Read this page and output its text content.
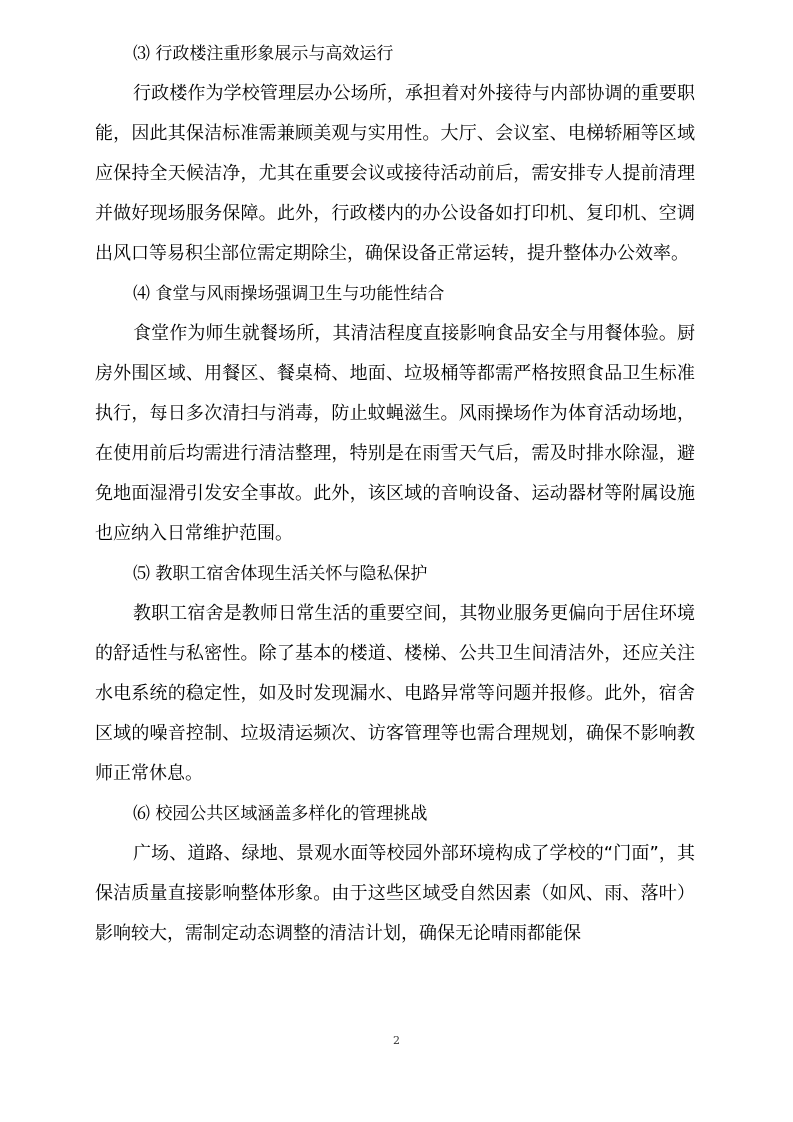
⑶ 行政楼注重形象展示与高效运行

行政楼作为学校管理层办公场所，承担着对外接待与内部协调的重要职能，因此其保洁标准需兼顾美观与实用性。大厅、会议室、电梯轿厢等区域应保持全天候洁净，尤其在重要会议或接待活动前后，需安排专人提前清理并做好现场服务保障。此外，行政楼内的办公设备如打印机、复印机、空调出风口等易积尘部位需定期除尘，确保设备正常运转，提升整体办公效率。

⑷ 食堂与风雨操场强调卫生与功能性结合

食堂作为师生就餐场所，其清洁程度直接影响食品安全与用餐体验。厨房外围区域、用餐区、餐桌椅、地面、垃圾桶等都需严格按照食品卫生标准执行，每日多次清扫与消毒，防止蚊蝇滋生。风雨操场作为体育活动场地，在使用前后均需进行清洁整理，特别是在雨雪天气后，需及时排水除湿，避免地面湿滑引发安全事故。此外，该区域的音响设备、运动器材等附属设施也应纳入日常维护范围。

⑸ 教职工宿舍体现生活关怀与隐私保护

教职工宿舍是教师日常生活的重要空间，其物业服务更偏向于居住环境的舒适性与私密性。除了基本的楼道、楼梯、公共卫生间清洁外，还应关注水电系统的稳定性，如及时发现漏水、电路异常等问题并报修。此外，宿舍区域的噪音控制、垃圾清运频次、访客管理等也需合理规划，确保不影响教师正常休息。

⑹ 校园公共区域涵盖多样化的管理挑战

广场、道路、绿地、景观水面等校园外部环境构成了学校的“门面”，其保洁质量直接影响整体形象。由于这些区域受自然因素（如风、雨、落叶）影响较大，需制定动态调整的清洁计划，确保无论晴雨都能保

2
